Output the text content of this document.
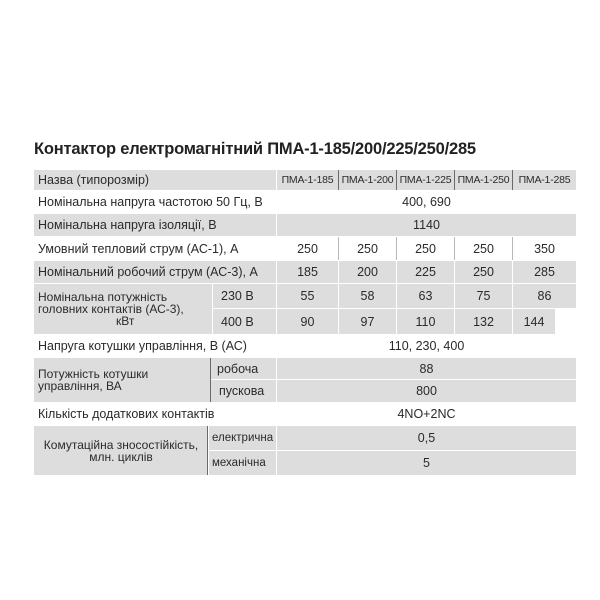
Контактор електромагнітний ПМА-1-185/200/225/250/285
Назва (типорозмір)	ПМА-1-185 ПМА-1-200 ПМА-1-225 ПМА-1-250 ПМА-1-285
Номінальна напруга частотою 50 Гц, В	400, 690
Номінальна напруга ізоляції, В	1140
Умовний тепловий струм (АС-1), А	250	250	250	250	350
Номінальний робочий струм (АС-3), А	185	200	225	250	285
Номінальна потужність
головних контактів (АС-3),
кВт
230 В	55	58	63	75	86
400 В	90	97	110	132	144
Напруга котушки управління, В (АС)	110, 230, 400
Потужність котушки
управління, ВА
робоча	88
пускова	800
Кількість додаткових контактів	4NO+2NC
Комутаційна зносостійкість,
млн. циклів
електрична	0,5
механічна	5
